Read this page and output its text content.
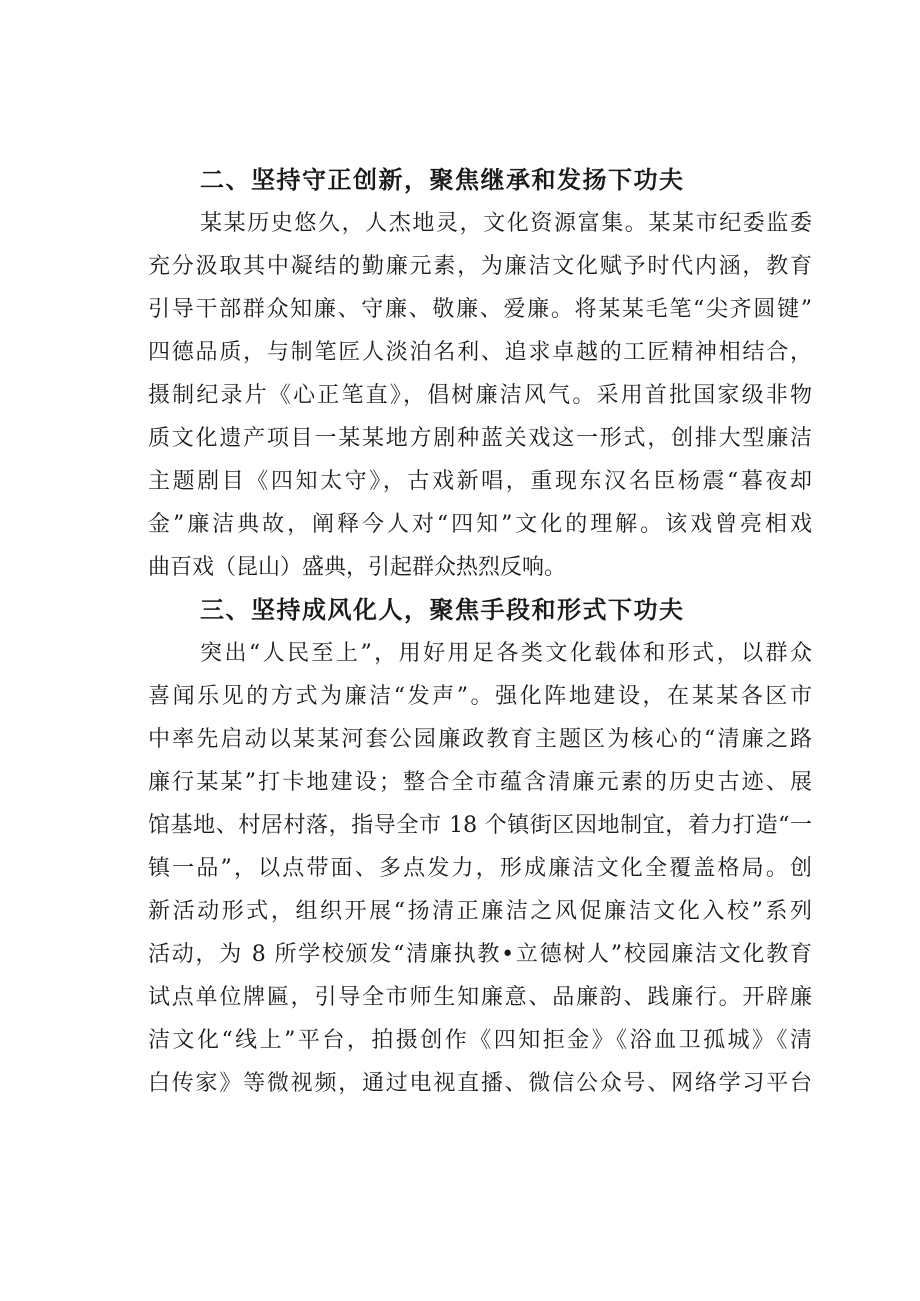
二、坚持守正创新，聚焦继承和发扬下功夫
某某历史悠久，人杰地灵，文化资源富集。某某市纪委监委
充分汲取其中凝结的勤廉元素，为廉洁文化赋予时代内涵，教育
引导干部群众知廉、守廉、敬廉、爱廉。将某某毛笔“尖齐圆键”
四德品质，与制笔匠人淡泊名利、追求卓越的工匠精神相结合，
摄制纪录片《心正笔直》，倡树廉洁风气。采用首批国家级非物
质文化遗产项目一某某地方剧种蓝关戏这一形式，创排大型廉洁
主题剧目《四知太守》，古戏新唱，重现东汉名臣杨震“暮夜却
金”廉洁典故，阐释今人对“四知”文化的理解。该戏曾亮相戏
曲百戏（昆山）盛典，引起群众热烈反响。
三、坚持成风化人，聚焦手段和形式下功夫
突出“人民至上”，用好用足各类文化载体和形式，以群众
喜闻乐见的方式为廉洁“发声”。强化阵地建设，在某某各区市
中率先启动以某某河套公园廉政教育主题区为核心的“清廉之路
廉行某某”打卡地建设；整合全市蕴含清廉元素的历史古迹、展
馆基地、村居村落，指导全市 18 个镇街区因地制宜，着力打造“一
镇一品”，以点带面、多点发力，形成廉洁文化全覆盖格局。创
新活动形式，组织开展“扬清正廉洁之风促廉洁文化入校”系列
活动，为 8 所学校颁发“清廉执教•立德树人”校园廉洁文化教育
试点单位牌匾，引导全市师生知廉意、品廉韵、践廉行。开辟廉
洁文化“线上”平台，拍摄创作《四知拒金》《浴血卫孤城》《清
白传家》等微视频，通过电视直播、微信公众号、网络学习平台
